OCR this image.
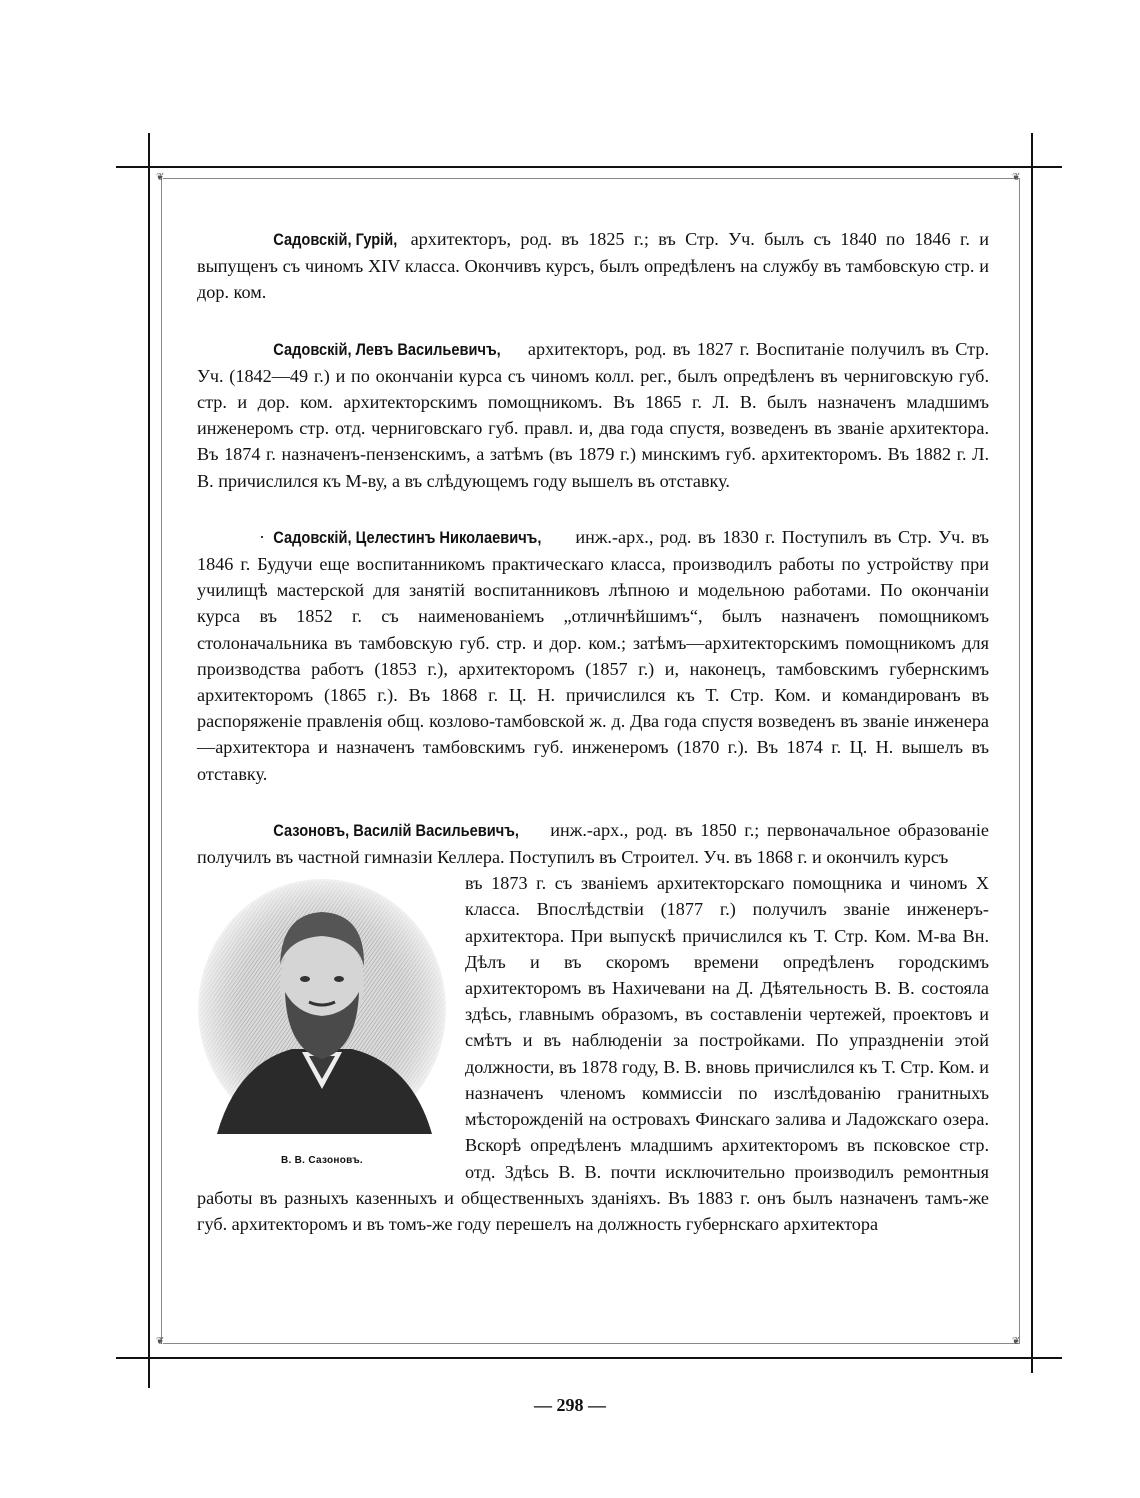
❦	❦
❦	❦

Садовскій, Гурій, архитекторъ, род. въ 1825 г.; въ Стр. Уч. былъ съ 1840 по 1846 г. и выпущенъ съ чиномъ XIV класса. Окончивъ курсъ, былъ опредѣленъ на службу въ тамбовскую стр. и дор. ком.

Садовскій, Левъ Васильевичъ, архитекторъ, род. въ 1827 г. Воспитаніе получилъ въ Стр. Уч. (1842—49 г.) и по окончаніи курса съ чиномъ колл. рег., былъ опредѣленъ въ черниговскую губ. стр. и дор. ком. архитекторскимъ помощникомъ. Въ 1865 г. Л. В. былъ назначенъ младшимъ инженеромъ стр. отд. черниговскаго губ. правл. и, два года спустя, возведенъ въ званіе архитектора. Въ 1874 г. назначенъ-пензенскимъ, а затѣмъ (въ 1879 г.) минскимъ губ. архитекторомъ. Въ 1882 г. Л. В. причислился къ М-ву, а въ слѣдующемъ году вышелъ въ отставку.

· Садовскій, Целестинъ Николаевичъ, инж.-арх., род. въ 1830 г. Поступилъ въ Стр. Уч. въ 1846 г. Будучи еще воспитанникомъ практическаго класса, производилъ работы по устройству при училищѣ мастерской для занятій воспитанниковъ лѣпною и модельною работами. По окончаніи курса въ 1852 г. съ наименованіемъ „отличнѣйшимъ“, былъ назначенъ помощникомъ столоначальника въ тамбовскую губ. стр. и дор. ком.; затѣмъ—архитекторскимъ помощникомъ для производства работъ (1853 г.), архитекторомъ (1857 г.) и, наконецъ, тамбовскимъ губернскимъ архитекторомъ (1865 г.). Въ 1868 г. Ц. Н. причислился къ Т. Стр. Ком. и командированъ въ распоряженіе правленія общ. козлово-тамбовской ж. д. Два года спустя возведенъ въ званіе инженера—архитектора и назначенъ тамбовскимъ губ. инженеромъ (1870 г.). Въ 1874 г. Ц. Н. вышелъ въ отставку.

Сазоновъ, Василій Васильевичъ, инж.-арх., род. въ 1850 г.; первоначальное образованіе получилъ въ частной гимназіи Келлера. Поступилъ въ Строител. Уч. въ 1868 г. и окончилъ курсъ

В. В. Сазоновъ.

въ 1873 г. съ званіемъ архитекторскаго помощника и чиномъ X класса. Впослѣдствіи (1877 г.) получилъ званіе инженеръ-архитектора. При выпускѣ причислился къ Т. Стр. Ком. М-ва Вн. Дѣлъ и въ скоромъ времени опредѣленъ городскимъ архитекторомъ въ Нахичевани на Д. Дѣятельность В. В. состояла здѣсь, главнымъ образомъ, въ составленіи чертежей, проектовъ и смѣтъ и въ наблюденіи за постройками. По упраздненіи этой должности, въ 1878 году, В. В. вновь причислился къ Т. Стр. Ком. и назначенъ членомъ коммиссіи по изслѣдованію гранитныхъ мѣсторожденій на островахъ Финскаго залива и Ладожскаго озера. Вскорѣ опредѣленъ младшимъ архитекторомъ въ псковское стр. отд. Здѣсь В. В. почти исключительно производилъ ремонтныя работы въ разныхъ казенныхъ и общественныхъ зданіяхъ. Въ 1883 г. онъ былъ назначенъ тамъ-же губ. архитекторомъ и въ томъ-же году перешелъ на должность губернскаго архитектора

— 298 —
